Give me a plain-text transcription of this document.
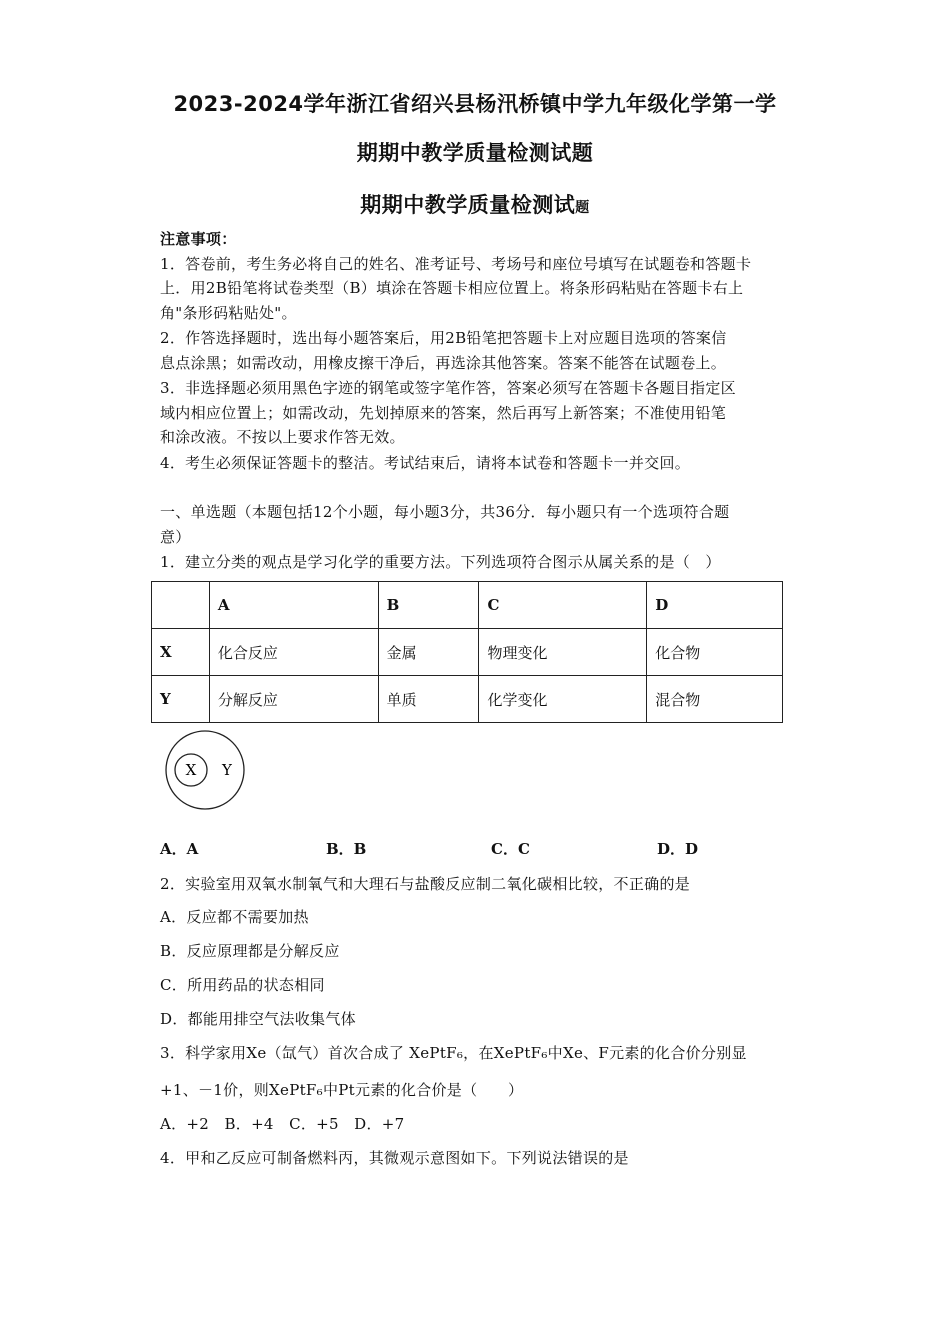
2023-2024学年浙江省绍兴县杨汛桥镇中学九年级化学第一学
期期中教学质量检测试题
期期中教学质量检测试题
注意事项：
1．答卷前，考生务必将自己的姓名、准考证号、考场号和座位号填写在试题卷和答题卡
上．用2B铅笔将试卷类型（B）填涂在答题卡相应位置上。将条形码粘贴在答题卡右上
角"条形码粘贴处"。
2．作答选择题时，选出每小题答案后，用2B铅笔把答题卡上对应题目选项的答案信
息点涂黑；如需改动，用橡皮擦干净后，再选涂其他答案。答案不能答在试题卷上。
3．非选择题必须用黑色字迹的钢笔或签字笔作答，答案必须写在答题卡各题目指定区
域内相应位置上；如需改动，先划掉原来的答案，然后再写上新答案；不准使用铅笔
和涂改液。不按以上要求作答无效。
4．考生必须保证答题卡的整洁。考试结束后，请将本试卷和答题卡一并交回。
一、单选题（本题包括12个小题，每小题3分，共36分．每小题只有一个选项符合题
意）
1．建立分类的观点是学习化学的重要方法。下列选项符合图示从属关系的是（　）
	A	B	C	D
X	化合反应	金属	物理变化	化合物
Y	分解反应	单质	化学变化	混合物
X Y
A．A	B．B	C．C	D．D
2．实验室用双氧水制氧气和大理石与盐酸反应制二氧化碳相比较，不正确的是
A．反应都不需要加热
B．反应原理都是分解反应
C．所用药品的状态相同
D．都能用排空气法收集气体
3．科学家用Xe（氙气）首次合成了 XePtF₆，在XePtF₆中Xe、F元素的化合价分别显
+1、－1价，则XePtF₆中Pt元素的化合价是（　　）
A．+2　B．+4　C．+5　D．+7
4．甲和乙反应可制备燃料丙，其微观示意图如下。下列说法错误的是
